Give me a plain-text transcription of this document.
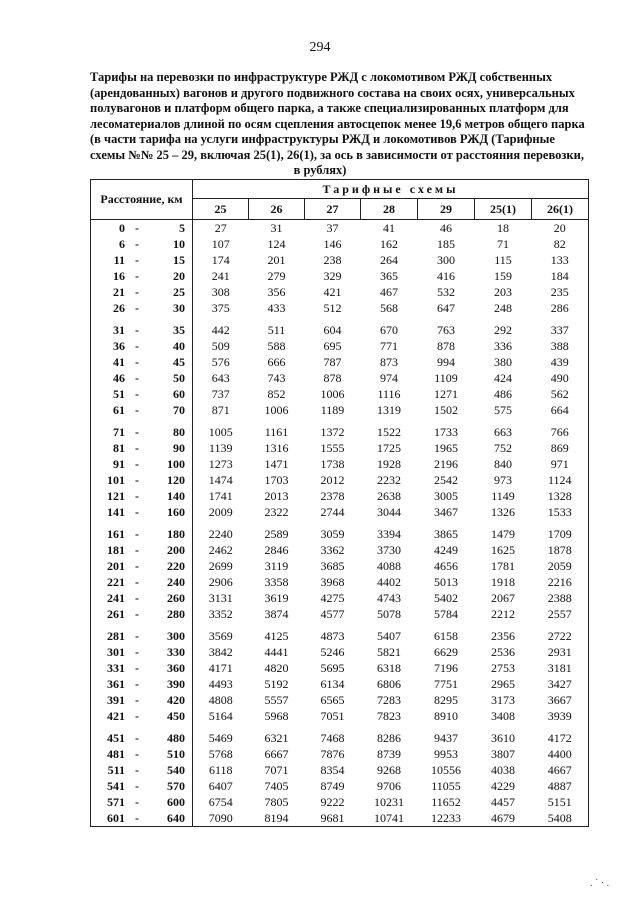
294
Тарифы на перевозки по инфраструктуре РЖД с локомотивом РЖД собственных
(арендованных) вагонов и другого подвижного состава на своих осях, универсальных
полувагонов и платформ общего парка, а также специализированных платформ для
лесоматериалов длиной по осям сцепления автосцепок менее 19,6 метров общего парка
(в части тарифа на услуги инфраструктуры РЖД и локомотивов РЖД (Тарифные
схемы №№ 25 – 29, включая 25(1), 26(1), за ось в зависимости от расстояния перевозки,
в рублях)
Расстояние, км	Тарифные схемы						
	25	26	27	28	29	25(1)	26(1)

0 - 5	27	31	37	41	46	18	20

6 - 10	107	124	146	162	185	71	82

11 - 15	174	201	238	264	300	115	133

16 - 20	241	279	329	365	416	159	184

21 - 25	308	356	421	467	532	203	235

26 - 30	375	433	512	568	647	248	286

31 - 35	442	511	604	670	763	292	337

36 - 40	509	588	695	771	878	336	388

41 - 45	576	666	787	873	994	380	439

46 - 50	643	743	878	974	1109	424	490

51 - 60	737	852	1006	1116	1271	486	562

61 - 70	871	1006	1189	1319	1502	575	664

71 - 80	1005	1161	1372	1522	1733	663	766

81 - 90	1139	1316	1555	1725	1965	752	869

91 - 100	1273	1471	1738	1928	2196	840	971

101 - 120	1474	1703	2012	2232	2542	973	1124

121 - 140	1741	2013	2378	2638	3005	1149	1328

141 - 160	2009	2322	2744	3044	3467	1326	1533

161 - 180	2240	2589	3059	3394	3865	1479	1709

181 - 200	2462	2846	3362	3730	4249	1625	1878

201 - 220	2699	3119	3685	4088	4656	1781	2059

221 - 240	2906	3358	3968	4402	5013	1918	2216

241 - 260	3131	3619	4275	4743	5402	2067	2388

261 - 280	3352	3874	4577	5078	5784	2212	2557

281 - 300	3569	4125	4873	5407	6158	2356	2722

301 - 330	3842	4441	5246	5821	6629	2536	2931

331 - 360	4171	4820	5695	6318	7196	2753	3181

361 - 390	4493	5192	6134	6806	7751	2965	3427

391 - 420	4808	5557	6565	7283	8295	3173	3667

421 - 450	5164	5968	7051	7823	8910	3408	3939

451 - 480	5469	6321	7468	8286	9437	3610	4172

481 - 510	5768	6667	7876	8739	9953	3807	4400

511 - 540	6118	7071	8354	9268	10556	4038	4667

541 - 570	6407	7405	8749	9706	11055	4229	4887

571 - 600	6754	7805	9222	10231	11652	4457	5151

601 - 640	7090	8194	9681	10741	12233	4679	5408
. ˙ · .
